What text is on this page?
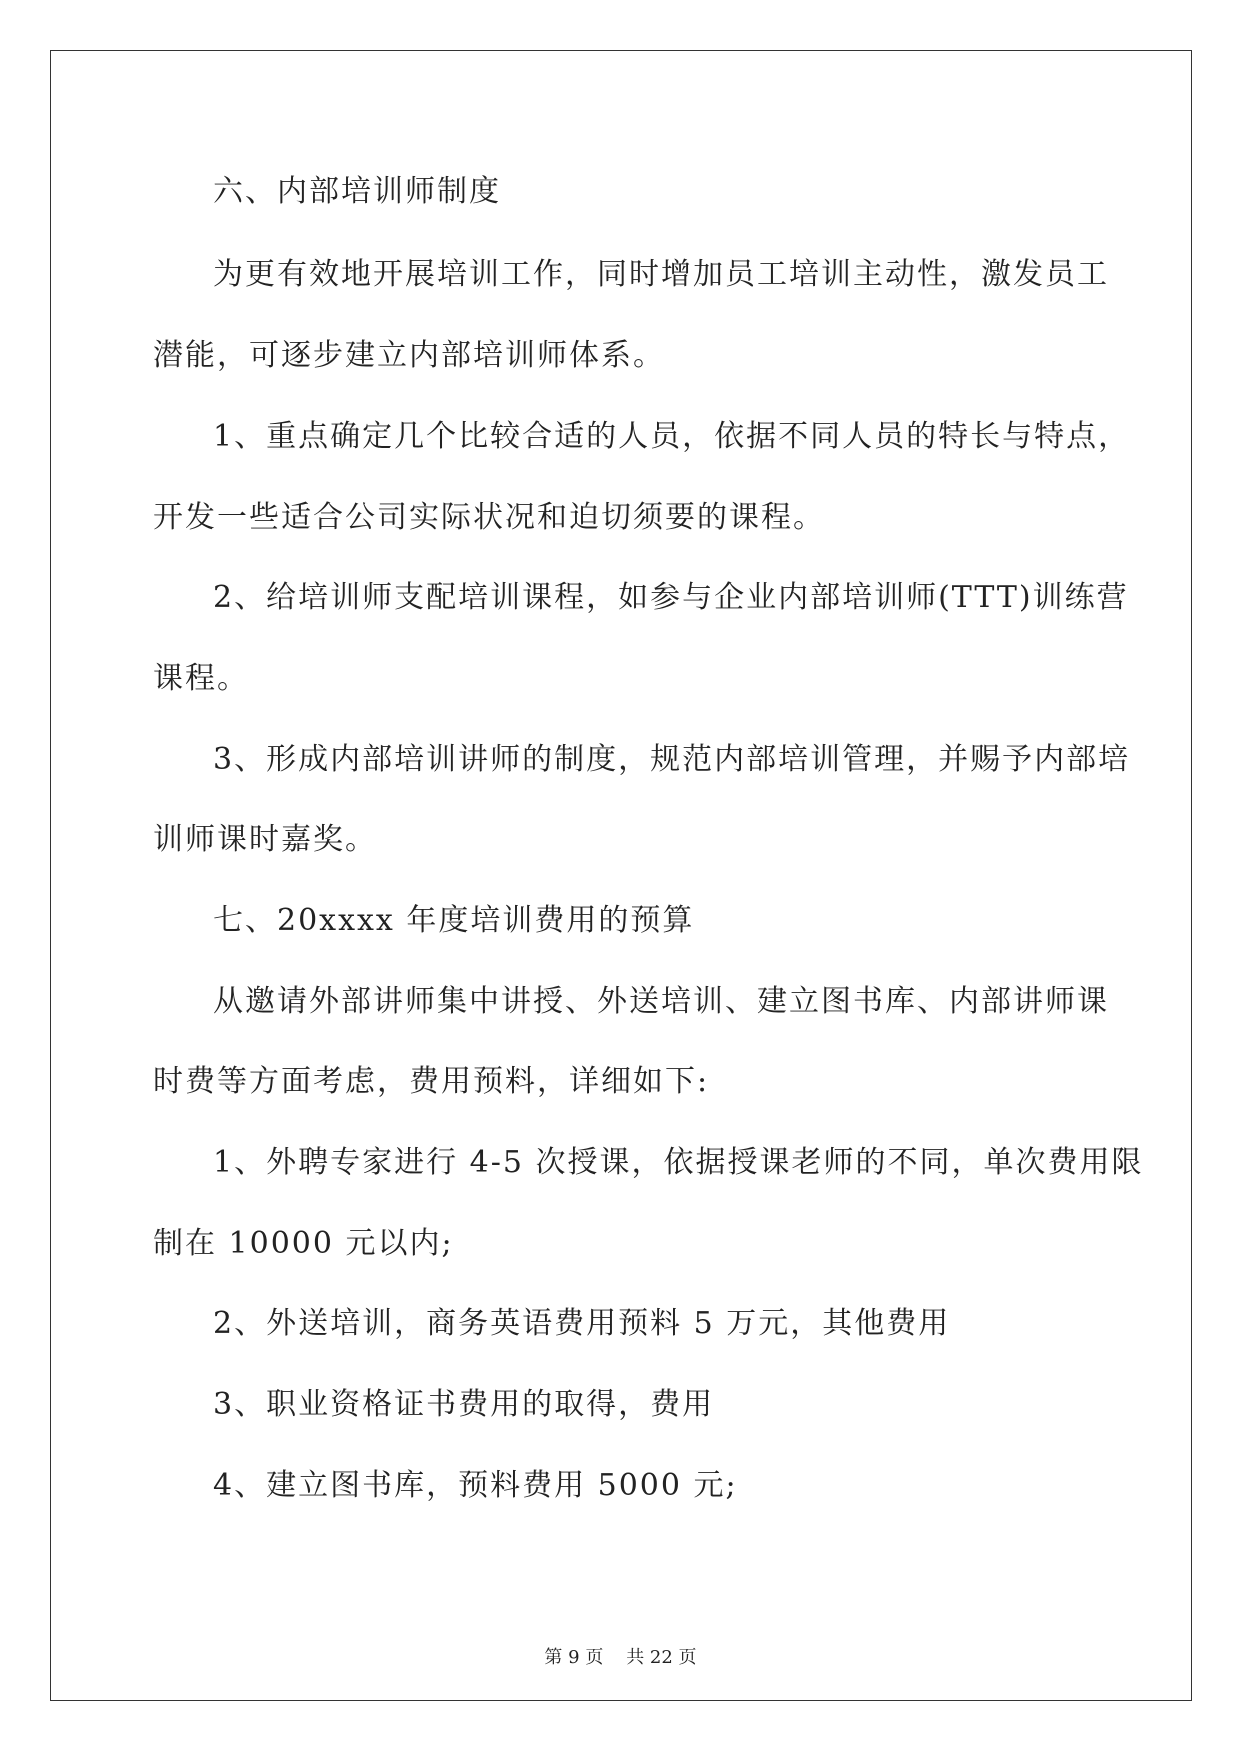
六、内部培训师制度
为更有效地开展培训工作，同时增加员工培训主动性，激发员工
潜能，可逐步建立内部培训师体系。
1、重点确定几个比较合适的人员，依据不同人员的特长与特点，
开发一些适合公司实际状况和迫切须要的课程。
2、给培训师支配培训课程，如参与企业内部培训师(TTT)训练营
课程。
3、形成内部培训讲师的制度，规范内部培训管理，并赐予内部培
训师课时嘉奖。
七、20xxxx 年度培训费用的预算
从邀请外部讲师集中讲授、外送培训、建立图书库、内部讲师课
时费等方面考虑，费用预料，详细如下:
1、外聘专家进行 4-5 次授课，依据授课老师的不同，单次费用限
制在 10000 元以内;
2、外送培训，商务英语费用预料 5 万元，其他费用
3、职业资格证书费用的取得，费用
4、建立图书库，预料费用 5000 元;
第 9 页    共 22 页
